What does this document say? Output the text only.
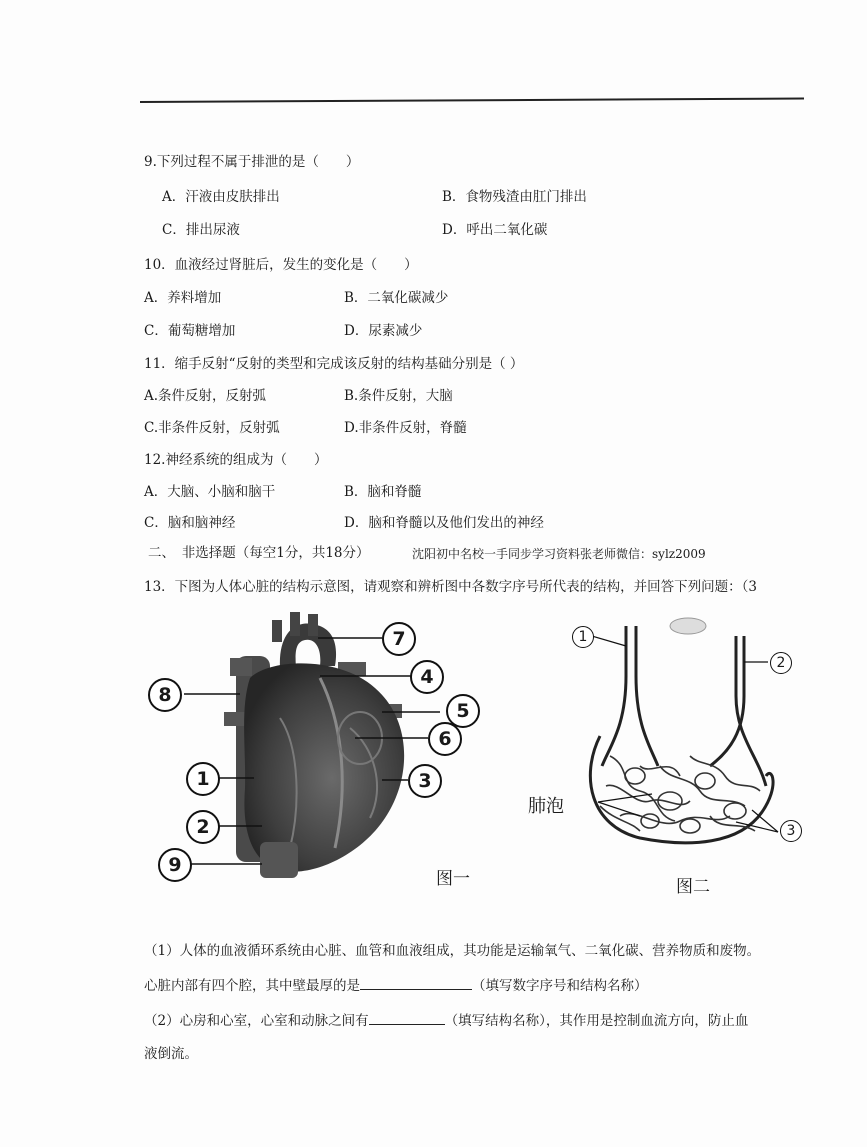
9.下列过程不属于排泄的是（　　）
A．汗液由皮肤排出	B．食物残渣由肛门排出
C．排出尿液	D．呼出二氧化碳
10．血液经过肾脏后，发生的变化是（　　）
A．养料增加	B．二氧化碳减少
C．葡萄糖增加	D．尿素减少
11．缩手反射“反射的类型和完成该反射的结构基础分别是（ ）
A.条件反射，反射弧	B.条件反射，大脑
C.非条件反射，反射弧	D.非条件反射，脊髓
12.神经系统的组成为（　　）
A．大脑、小脑和脑干	B．脑和脊髓
C．脑和脑神经	D．脑和脊髓以及他们发出的神经
二、　非选择题（每空1分，共18分）	沈阳初中名校一手同步学习资料张老师微信：sylz2009
13．下图为人体心脏的结构示意图，请观察和辨析图中各数字序号所代表的结构，并回答下列问题：（3
7
4
5
6
3
8
1
2
9
图一
1
2
3
肺泡
图二
（1）人体的血液循环系统由心脏、血管和血液组成，其功能是运输氧气、二氧化碳、营养物质和废物。
心脏内部有四个腔，其中壁最厚的是	（填写数字序号和结构名称）
（2）心房和心室，心室和动脉之间有	（填写结构名称），其作用是控制血流方向，防止血
液倒流。
